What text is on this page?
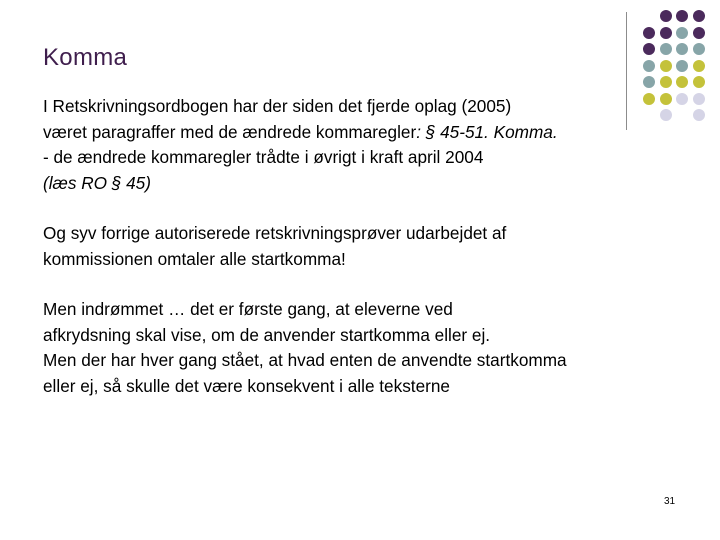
Komma

I Retskrivningsordbogen har der siden det fjerde oplag (2005)

været paragraffer med de ændrede kommaregler: § 45-51. Komma.

- de ændrede kommaregler trådte i øvrigt i kraft april 2004

(læs RO § 45)

Og syv forrige autoriserede retskrivningsprøver udarbejdet af

kommissionen omtaler alle startkomma!

Men indrømmet … det er første gang, at eleverne ved

afkrydsning skal vise, om de anvender startkomma eller ej.

Men der har hver gang stået, at hvad enten de anvendte startkomma

eller ej, så skulle det være konsekvent i alle teksterne

31
